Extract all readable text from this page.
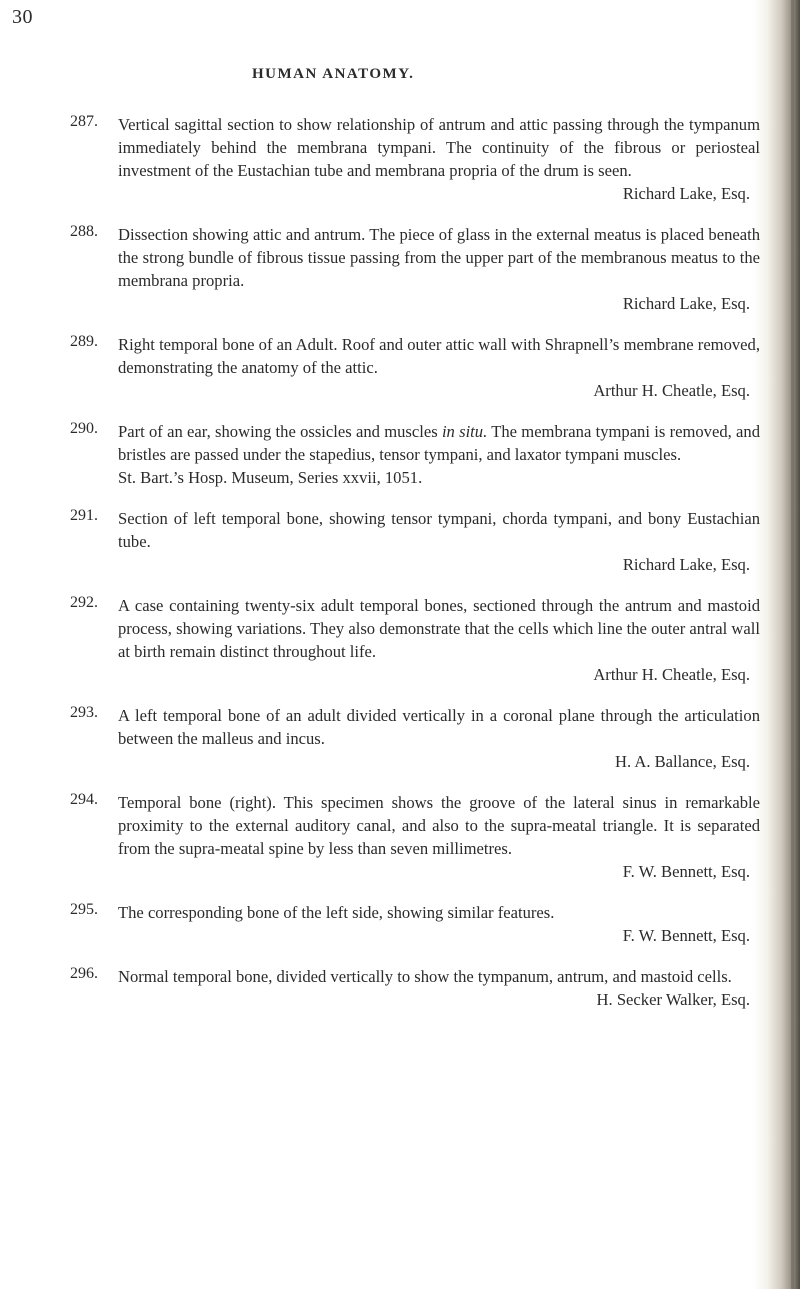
30
HUMAN ANATOMY.
287. Vertical sagittal section to show relationship of antrum and attic passing through the tympanum immediately behind the membrana tympani. The continuity of the fibrous or periosteal investment of the Eustachian tube and membrana propria of the drum is seen.
Richard Lake, Esq.
288. Dissection showing attic and antrum. The piece of glass in the external meatus is placed beneath the strong bundle of fibrous tissue passing from the upper part of the membranous meatus to the membrana propria.
Richard Lake, Esq.
289. Right temporal bone of an Adult. Roof and outer attic wall with Shrapnell’s membrane removed, demonstrating the anatomy of the attic.
Arthur H. Cheatle, Esq.
290. Part of an ear, showing the ossicles and muscles in situ. The membrana tympani is removed, and bristles are passed under the stapedius, tensor tympani, and laxator tympani muscles.
St. Bart.’s Hosp. Museum, Series xxvii, 1051.
291. Section of left temporal bone, showing tensor tympani, chorda tympani, and bony Eustachian tube.
Richard Lake, Esq.
292. A case containing twenty-six adult temporal bones, sectioned through the antrum and mastoid process, showing variations. They also demonstrate that the cells which line the outer antral wall at birth remain distinct throughout life.
Arthur H. Cheatle, Esq.
293. A left temporal bone of an adult divided vertically in a coronal plane through the articulation between the malleus and incus.
H. A. Ballance, Esq.
294. Temporal bone (right). This specimen shows the groove of the lateral sinus in remarkable proximity to the external auditory canal, and also to the supra-meatal triangle. It is separated from the supra-meatal spine by less than seven millimetres.
F. W. Bennett, Esq.
295. The corresponding bone of the left side, showing similar features.
F. W. Bennett, Esq.
296. Normal temporal bone, divided vertically to show the tympanum, antrum, and mastoid cells.
H. Secker Walker, Esq.
